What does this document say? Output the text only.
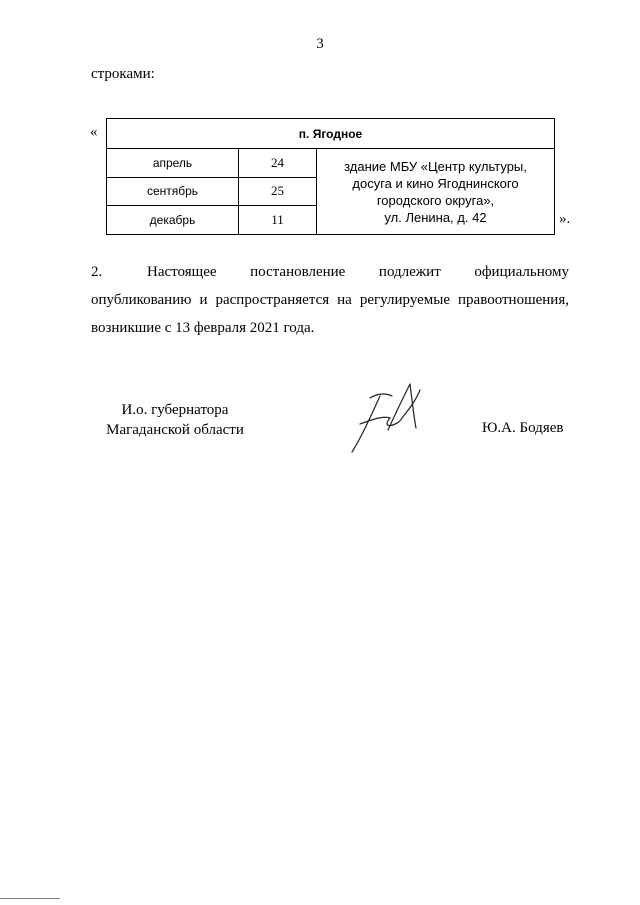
3
строками:
«	п. Ягодное		
апрель	24	здание МБУ «Центр культуры,
досуга и кино Ягоднинского
городского округа»,
ул. Ленина, д. 42

сентябрь	25	
декабрь	11		».
2.        Настоящее      постановление      подлежит      официальному
опубликованию и распространяется на регулируемые правоотношения,
возникшие с 13 февраля 2021 года.
И.о. губернатора
Магаданской области	Ю.А. Бодяев
